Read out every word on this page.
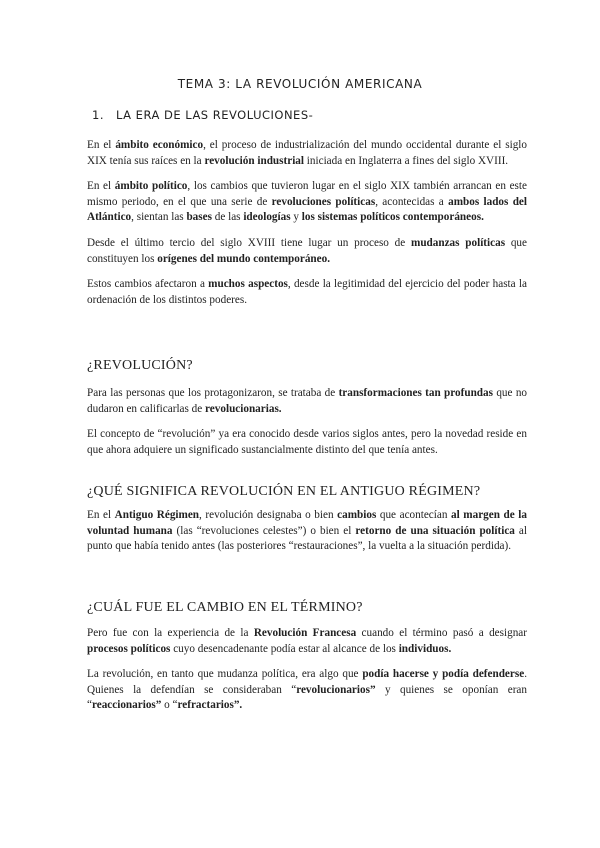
TEMA 3: LA REVOLUCIÓN AMERICANA
1. LA ERA DE LAS REVOLUCIONES-

En el ámbito económico, el proceso de industrialización del mundo occidental durante el siglo XIX tenía sus raíces en la revolución industrial iniciada en Inglaterra a fines del siglo XVIII.

En el ámbito político, los cambios que tuvieron lugar en el siglo XIX también arrancan en este mismo periodo, en el que una serie de revoluciones políticas, acontecidas a ambos lados del Atlántico, sientan las bases de las ideologías y los sistemas políticos contemporáneos.

Desde el último tercio del siglo XVIII tiene lugar un proceso de mudanzas políticas que constituyen los orígenes del mundo contemporáneo.

Estos cambios afectaron a muchos aspectos, desde la legitimidad del ejercicio del poder hasta la ordenación de los distintos poderes.

¿REVOLUCIÓN?

Para las personas que los protagonizaron, se trataba de transformaciones tan profundas que no dudaron en calificarlas de revolucionarias.

El concepto de “revolución” ya era conocido desde varios siglos antes, pero la novedad reside en que ahora adquiere un significado sustancialmente distinto del que tenía antes.

¿QUÉ SIGNIFICA REVOLUCIÓN EN EL ANTIGUO RÉGIMEN?

En el Antiguo Régimen, revolución designaba o bien cambios que acontecían al margen de la voluntad humana (las “revoluciones celestes”) o bien el retorno de una situación política al punto que había tenido antes (las posteriores “restauraciones”, la vuelta a la situación perdida).

¿CUÁL FUE EL CAMBIO EN EL TÉRMINO?

Pero fue con la experiencia de la Revolución Francesa cuando el término pasó a designar procesos políticos cuyo desencadenante podía estar al alcance de los individuos.

La revolución, en tanto que mudanza política, era algo que podía hacerse y podía defenderse. Quienes la defendían se consideraban “revolucionarios” y quienes se oponían eran “reaccionarios” o “refractarios”.
